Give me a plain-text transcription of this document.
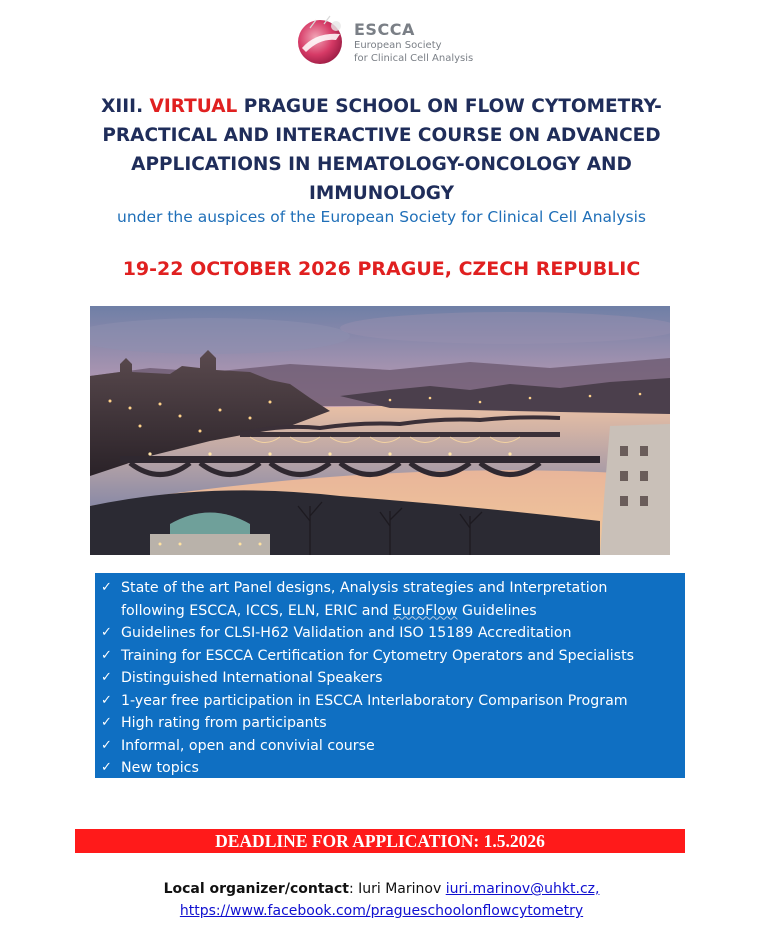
ESCCA
European Society
for Clinical Cell Analysis
XIII. VIRTUAL PRAGUE SCHOOL ON FLOW CYTOMETRY-
PRACTICAL AND INTERACTIVE COURSE ON ADVANCED
APPLICATIONS IN HEMATOLOGY-ONCOLOGY AND
IMMUNOLOGY
under the auspices of the European Society for Clinical Cell Analysis
19-22 OCTOBER 2026 PRAGUE, CZECH REPUBLIC
✓ State of the art Panel designs, Analysis strategies and Interpretation
following ESCCA, ICCS, ELN, ERIC and EuroFlow Guidelines
✓ Guidelines for CLSI-H62 Validation and ISO 15189 Accreditation
✓ Training for ESCCA Certification for Cytometry Operators and Specialists
✓ Distinguished International Speakers
✓ 1-year free participation in ESCCA Interlaboratory Comparison Program
✓ High rating from participants
✓ Informal, open and convivial course
✓ New topics
DEADLINE FOR APPLICATION: 1.5.2026
Local organizer/contact: Iuri Marinov iuri.marinov@uhkt.cz,
https://www.facebook.com/pragueschoolonflowcytometry
